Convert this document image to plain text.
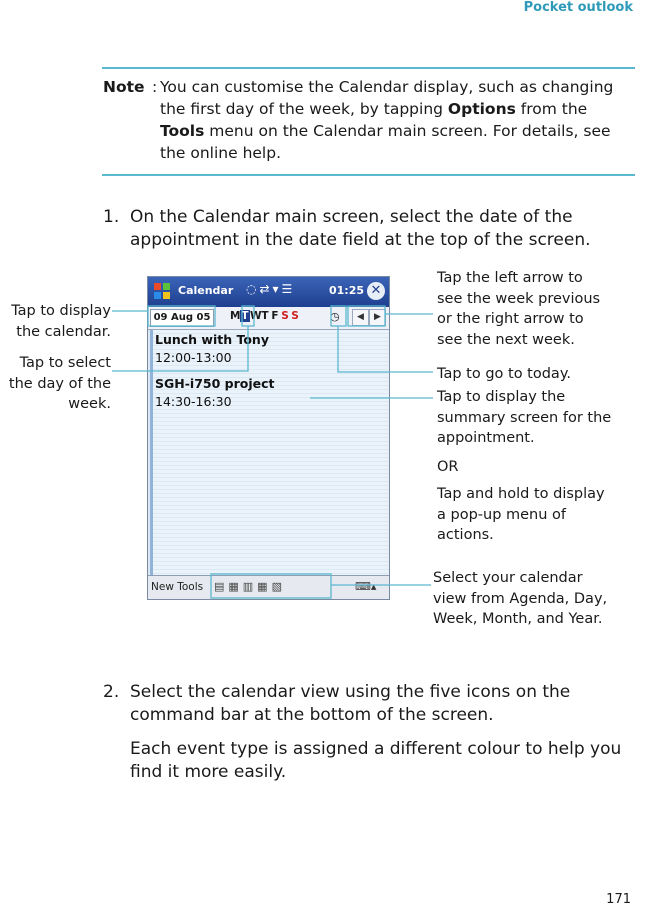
Pocket outlook
Note : You can customise the Calendar display, such as changing the first day of the week, by tapping Options from the Tools menu on the Calendar main screen. For details, see the online help.
1. On the Calendar main screen, select the date of the appointment in the date field at the top of the screen.
Calendar ◌⇄▾☰	01:25 ✕
09 Aug 05	MTWT F S S	◷	◀ ▶
Lunch with Tony
12:00-13:00
SGH-i750 project
14:30-16:30
New Tools ▤▦▥▦▧	⌨▴
Tap to display
the calendar.
Tap to select
the day of the
week.
Tap the left arrow to
see the week previous
or the right arrow to
see the next week.
Tap to go to today.
Tap to display the
summary screen for the
appointment.
OR
Tap and hold to display
a pop-up menu of
actions.
Select your calendar
view from Agenda, Day,
Week, Month, and Year.
2. Select the calendar view using the five icons on the command bar at the bottom of the screen.
Each event type is assigned a different colour to help you find it more easily.
171
